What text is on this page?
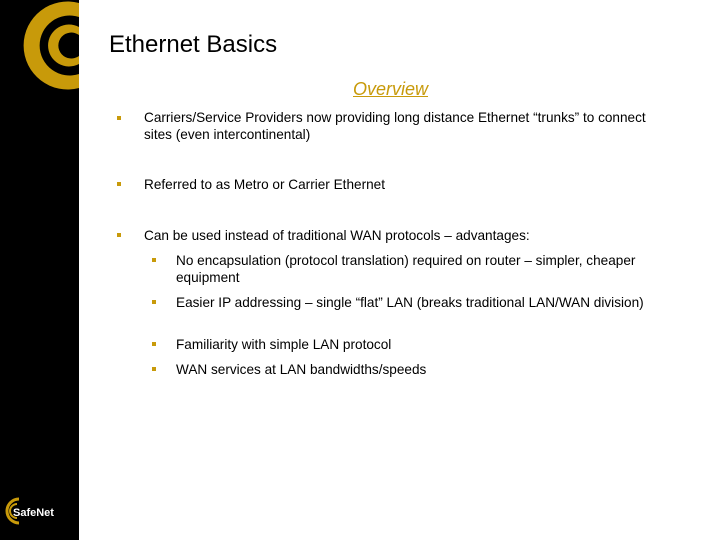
SafeNet
Ethernet Basics
Overview
Carriers/Service Providers now providing long distance Ethernet “trunks” to connect sites (even intercontinental)
Referred to as Metro or Carrier Ethernet
Can be used instead of traditional WAN protocols – advantages:
No encapsulation (protocol translation) required on router – simpler, cheaper equipment
Easier IP addressing – single “flat” LAN (breaks traditional LAN/WAN division)
Familiarity with simple LAN protocol
WAN services at LAN bandwidths/speeds
